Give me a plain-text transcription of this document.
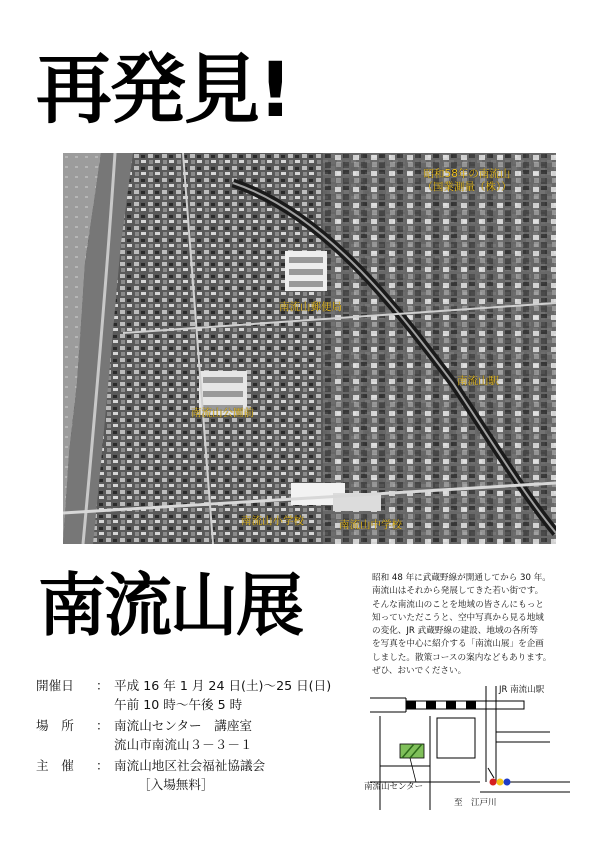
再発見!
昭和58年の南流山
（国業測量（株））
南流山郵便局
南流山駅
南流山公園前
南流山小学校	南流山中学校
南流山展	昭和 48 年に武蔵野線が開通してから 30 年。
南流山はそれから発展してきた若い街です。
そんな南流山のことを地域の皆さんにもっと
知っていただこうと、空中写真から見る地域
の変化、JR 武蔵野線の建設、地域の各所等
を写真を中心に紹介する「南流山展」を企画
しました。散策コースの案内などもあります。
ぜひ、おいでください。
開催日	： 平成 16 年 1 月 24 日(土)～25 日(日)
午前 10 時～午後 5 時
場　所	： 南流山センター　講座室
流山市南流山３－３－１
主　催	： 南流山地区社会福祉協議会
［入場無料］
JR 南流山駅
南流山センター
至　江戸川
